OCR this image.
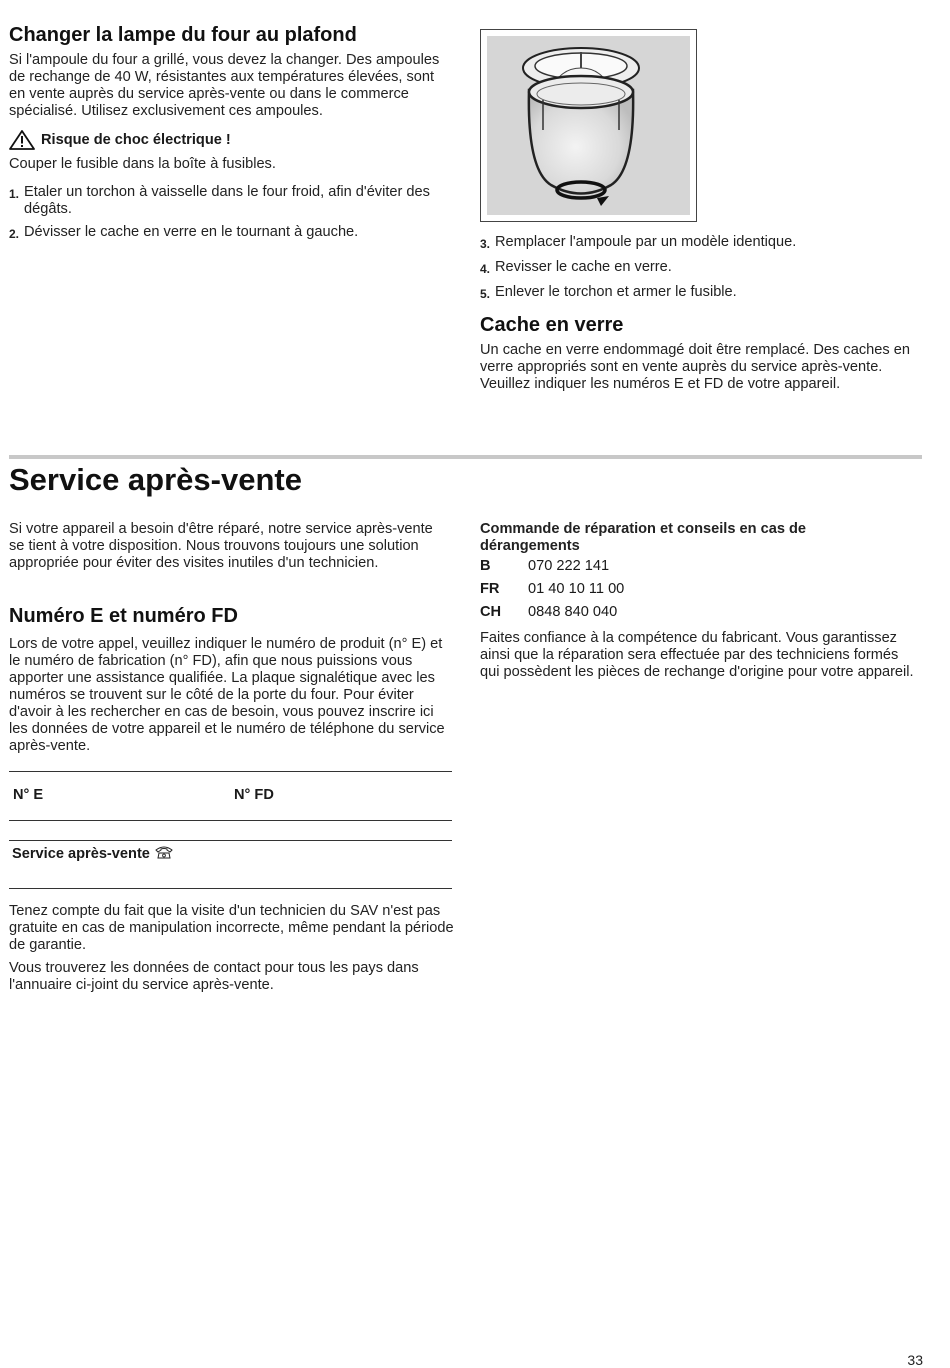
Changer la lampe du four au plafond

Si l'ampoule du four a grillé, vous devez la changer. Des ampoules de rechange de 40 W, résistantes aux températures élevées, sont en vente auprès du service après-vente ou dans le commerce spécialisé. Utilisez exclusivement ces ampoules.

Risque de choc électrique !

Couper le fusible dans la boîte à fusibles.

1. Etaler un torchon à vaisselle dans le four froid, afin d'éviter des dégâts.
2. Dévisser le cache en verre en le tournant à gauche.
3. Remplacer l'ampoule par un modèle identique.
4. Revisser le cache en verre.
5. Enlever le torchon et armer le fusible.
Cache en verre

Un cache en verre endommagé doit être remplacé. Des caches en verre appropriés sont en vente auprès du service après-vente. Veuillez indiquer les numéros E et FD de votre appareil.

Service après-vente

Si votre appareil a besoin d'être réparé, notre service après-vente se tient à votre disposition. Nous trouvons toujours une solution appropriée pour éviter des visites inutiles d'un technicien.

Numéro E et numéro FD

Lors de votre appel, veuillez indiquer le numéro de produit (n° E) et le numéro de fabrication (n° FD), afin que nous puissions vous apporter une assistance qualifiée. La plaque signalétique avec les numéros se trouvent sur le côté de la porte du four. Pour éviter d'avoir à les rechercher en cas de besoin, vous pouvez inscrire ici les données de votre appareil et le numéro de téléphone du service après-vente.

N° E	N° FD
Service après-vente

Tenez compte du fait que la visite d'un technicien du SAV n'est pas gratuite en cas de manipulation incorrecte, même pendant la période de garantie.

Vous trouverez les données de contact pour tous les pays dans l'annuaire ci-joint du service après-vente.

Commande de réparation et conseils en cas de dérangements

B	070 222 141
FR	01 40 10 11 00
CH	0848 840 040

Faites confiance à la compétence du fabricant. Vous garantissez ainsi que la réparation sera effectuée par des techniciens formés qui possèdent les pièces de rechange d'origine pour votre appareil.

33
